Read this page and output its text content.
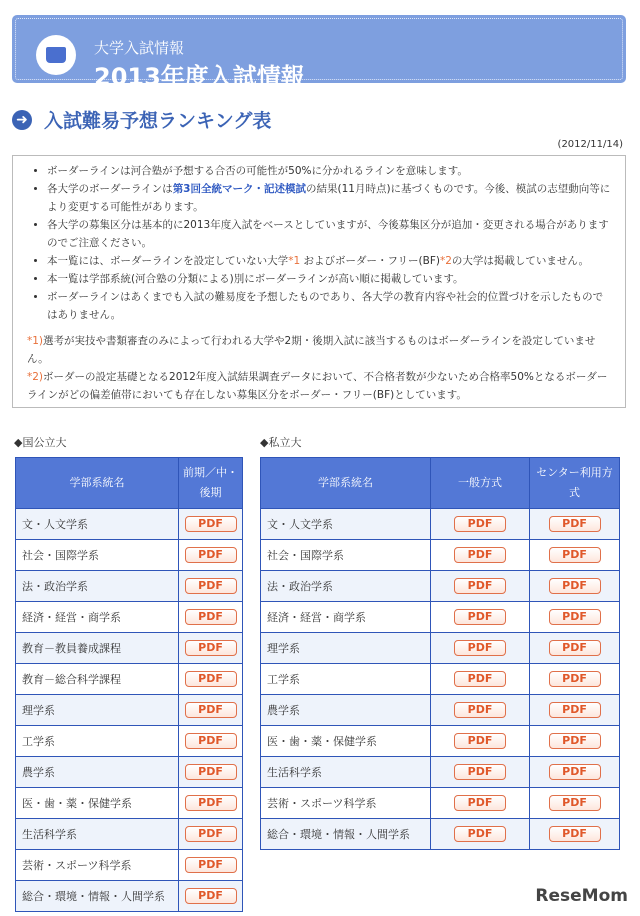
大学入試情報
2013年度入試情報
➜ 入試難易予想ランキング表
(2012/11/14)
• ボーダーラインは河合塾が予想する合否の可能性が50%に分かれるラインを意味します。
• 各大学のボーダーラインは第3回全統マーク・記述模試の結果(11月時点)に基づくものです。今後、模試の志望動向等により変更する可能性があります。
• 各大学の募集区分は基本的に2013年度入試をベースとしていますが、今後募集区分が追加・変更される場合がありますのでご注意ください。
• 本一覧には、ボーダーラインを設定していない大学*1 およびボーダー・フリー(BF)*2の大学は掲載していません。
• 本一覧は学部系統(河合塾の分類による)別にボーダーラインが高い順に掲載しています。
• ボーダーラインはあくまでも入試の難易度を予想したものであり、各大学の教育内容や社会的位置づけを示したものではありません。
*1)選考が実技や書類審査のみによって行われる大学や2期・後期入試に該当するものはボーダーラインを設定していません。
*2)ボーダーの設定基礎となる2012年度入試結果調査データにおいて、不合格者数が少ないため合格率50%となるボーダーラインがどの偏差値帯においても存在しない募集区分をボーダー・フリー(BF)としています。
◆国公立大	◆私立大
学部系統名	前期／中・後期
文・人文学系	PDF
社会・国際学系	PDF
法・政治学系	PDF
経済・経営・商学系	PDF
教育－教員養成課程	PDF
教育－総合科学課程	PDF
理学系	PDF
工学系	PDF
農学系	PDF
医・歯・薬・保健学系	PDF
生活科学系	PDF
芸術・スポーツ科学系	PDF
総合・環境・情報・人間学系	PDF
学部系統名	一般方式	センター利用方式
文・人文学系	PDF	PDF
社会・国際学系	PDF	PDF
法・政治学系	PDF	PDF
経済・経営・商学系	PDF	PDF
理学系	PDF	PDF
工学系	PDF	PDF
農学系	PDF	PDF
医・歯・薬・保健学系	PDF	PDF
生活科学系	PDF	PDF
芸術・スポーツ科学系	PDF	PDF
総合・環境・情報・人間学系	PDF	PDF
ReseMom
